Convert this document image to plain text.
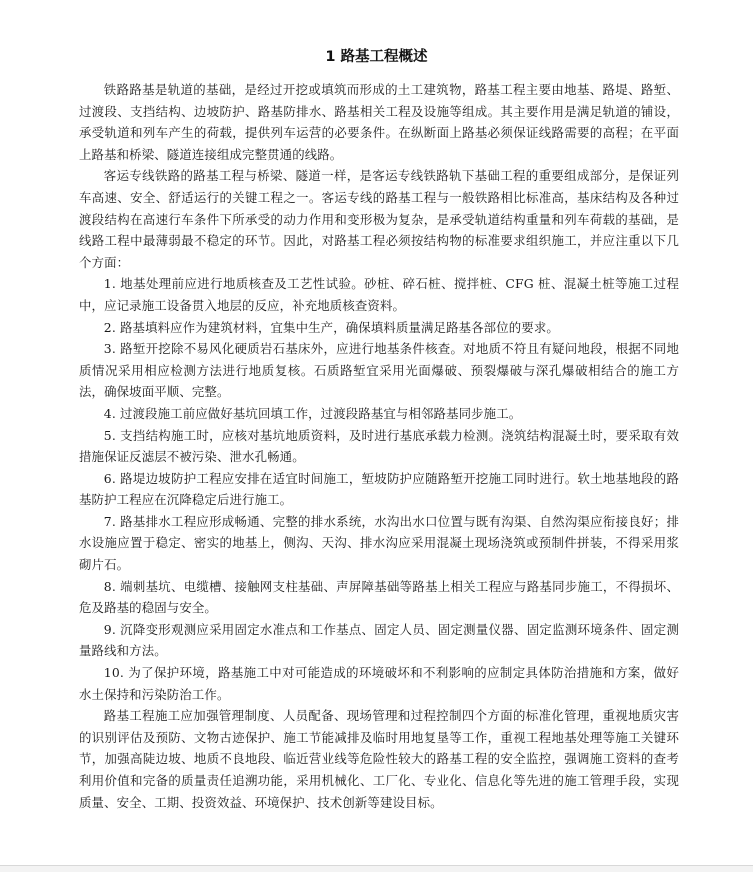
1 路基工程概述

铁路路基是轨道的基础，是经过开挖或填筑而形成的土工建筑物，路基工程主要由地基、路堤、路堑、过渡段、支挡结构、边坡防护、路基防排水、路基相关工程及设施等组成。其主要作用是满足轨道的铺设，承受轨道和列车产生的荷载，提供列车运营的必要条件。在纵断面上路基必须保证线路需要的高程；在平面上路基和桥梁、隧道连接组成完整贯通的线路。

客运专线铁路的路基工程与桥梁、隧道一样，是客运专线铁路轨下基础工程的重要组成部分，是保证列车高速、安全、舒适运行的关键工程之一。客运专线的路基工程与一般铁路相比标准高，基床结构及各种过渡段结构在高速行车条件下所承受的动力作用和变形极为复杂，是承受轨道结构重量和列车荷载的基础，是线路工程中最薄弱最不稳定的环节。因此，对路基工程必须按结构物的标准要求组织施工，并应注重以下几个方面：

1. 地基处理前应进行地质核查及工艺性试验。砂桩、碎石桩、搅拌桩、CFG 桩、混凝土桩等施工过程中，应记录施工设备贯入地层的反应，补充地质核查资料。

2. 路基填料应作为建筑材料，宜集中生产，确保填料质量满足路基各部位的要求。

3. 路堑开挖除不易风化硬质岩石基床外，应进行地基条件核查。对地质不符且有疑问地段，根据不同地质情况采用相应检测方法进行地质复核。石质路堑宜采用光面爆破、预裂爆破与深孔爆破相结合的施工方法，确保坡面平顺、完整。

4. 过渡段施工前应做好基坑回填工作，过渡段路基宜与相邻路基同步施工。

5. 支挡结构施工时，应核对基坑地质资料，及时进行基底承载力检测。浇筑结构混凝土时，要采取有效措施保证反滤层不被污染、泄水孔畅通。

6. 路堤边坡防护工程应安排在适宜时间施工，堑坡防护应随路堑开挖施工同时进行。软土地基地段的路基防护工程应在沉降稳定后进行施工。

7. 路基排水工程应形成畅通、完整的排水系统，水沟出水口位置与既有沟渠、自然沟渠应衔接良好；排水设施应置于稳定、密实的地基上，侧沟、天沟、排水沟应采用混凝土现场浇筑或预制件拼装，不得采用浆砌片石。

8. 端刺基坑、电缆槽、接触网支柱基础、声屏障基础等路基上相关工程应与路基同步施工，不得损坏、危及路基的稳固与安全。

9. 沉降变形观测应采用固定水准点和工作基点、固定人员、固定测量仪器、固定监测环境条件、固定测量路线和方法。

10. 为了保护环境，路基施工中对可能造成的环境破坏和不利影响的应制定具体防治措施和方案，做好水土保持和污染防治工作。

路基工程施工应加强管理制度、人员配备、现场管理和过程控制四个方面的标准化管理，重视地质灾害的识别评估及预防、文物古迹保护、施工节能减排及临时用地复垦等工作，重视工程地基处理等施工关键环节，加强高陡边坡、地质不良地段、临近营业线等危险性较大的路基工程的安全监控，强调施工资料的查考利用价值和完备的质量责任追溯功能，采用机械化、工厂化、专业化、信息化等先进的施工管理手段，实现质量、安全、工期、投资效益、环境保护、技术创新等建设目标。
